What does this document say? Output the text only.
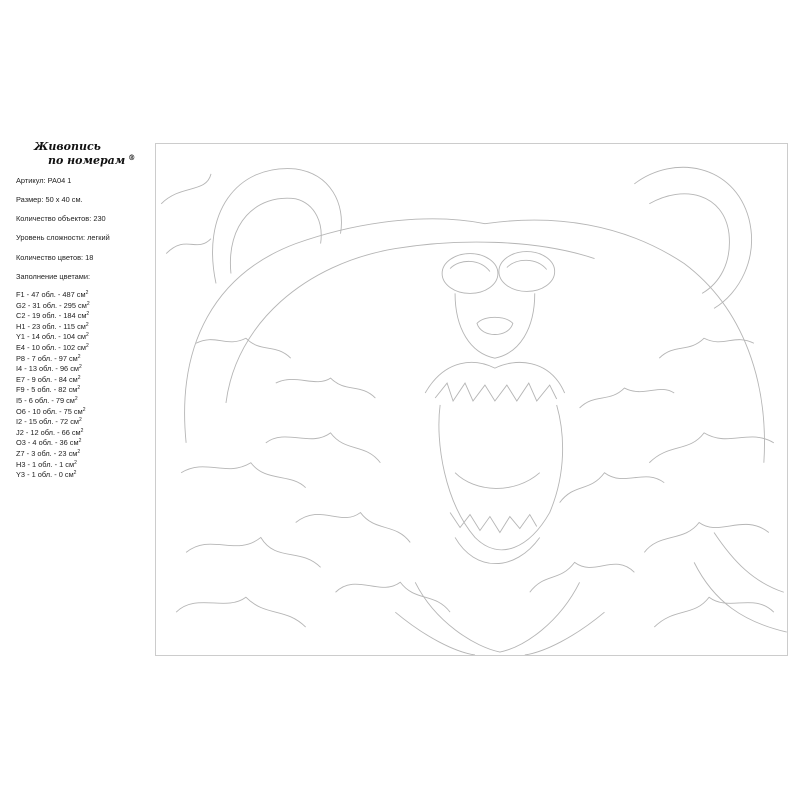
Живопись
по номерам ®

Артикул: PA04 1

Размер: 50 х 40 см.

Количество объектов: 230

Уровень сложности: легкий

Количество цветов: 18

Заполнение цветами:
F1 - 47 обл. - 487 $см^2$
G2 - 31 обл. - 295 $см^2$
C2 - 19 обл. - 184 $см^2$
H1 - 23 обл. - 115 $см^2$
Y1 - 14 обл. - 104 $см^2$
E4 - 10 обл. - 102 $см^2$
P8 - 7 обл. - 97 $см^2$
I4 - 13 обл. - 96 $см^2$
E7 - 9 обл. - 84 $см^2$
F9 - 5 обл. - 82 $см^2$
I5 - 6 обл. - 79 $см^2$
O6 - 10 обл. - 75 $см^2$
I2 - 15 обл. - 72 $см^2$
J2 - 12 обл. - 66 $см^2$
O3 - 4 обл. - 36 $см^2$
Z7 - 3 обл. - 23 $см^2$
H3 - 1 обл. - 1 $см^2$
Y3 - 1 обл. - 0 $см^2$
